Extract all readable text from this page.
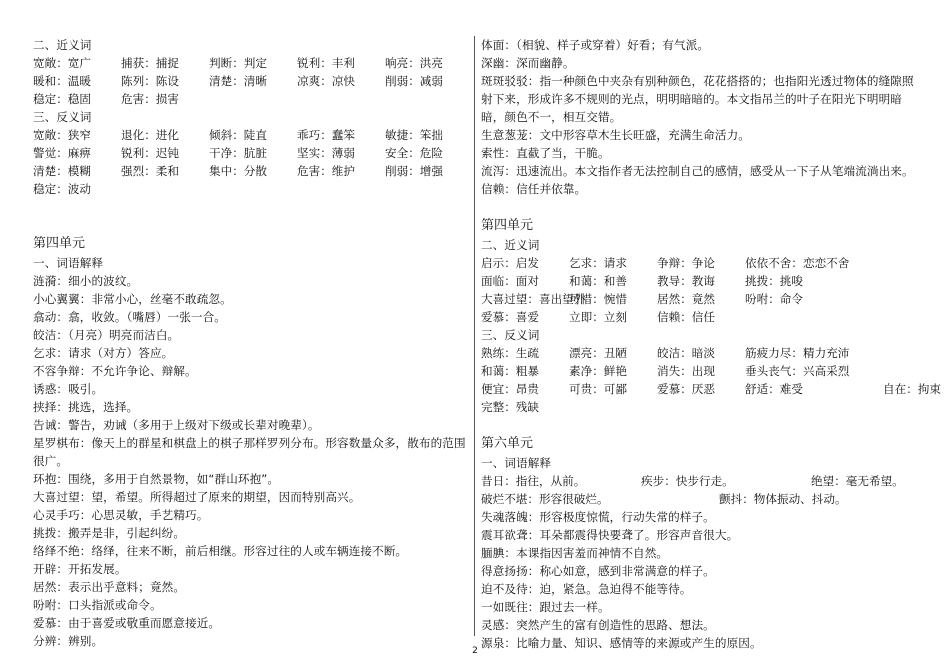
二、近义词
宽敞：宽广	捕获：捕捉	判断：判定	锐利：丰利	响亮：洪亮
暖和：温暖	陈列：陈设	清楚：清晰	凉爽：凉快	削弱：减弱
稳定：稳固	危害：损害
三、反义词
宽敞：狭窄	退化：进化	倾斜：陡直	乖巧：蠢笨	敏捷：笨拙
警觉：麻痹	锐利：迟钝	干净：肮脏	坚实：薄弱	安全：危险
清楚：模糊	强烈：柔和	集中：分散	危害：维护	削弱：增强
稳定：波动
第四单元
一、词语解释
涟漪：细小的波纹。
小心翼翼：非常小心，丝毫不敢疏忽。
翕动：翕，收敛。（嘴唇）一张一合。
皎洁：（月亮）明亮而洁白。
乞求：请求（对方）答应。
不容争辩：不允许争论、辩解。
诱惑：吸引。
挟择：挑选，选择。
告诫：警告，劝诫（多用于上级对下级或长辈对晚辈）。
星罗棋布：像天上的群星和棋盘上的棋子那样罗列分布。形容数量众多，散布的范围很广。
环抱：围绕，多用于自然景物，如“群山环抱”。
大喜过望：望，希望。所得超过了原来的期望，因而特别高兴。
心灵手巧：心思灵敏，手艺精巧。
挑拨：搬弄是非，引起纠纷。
络绎不绝：络绎，往来不断，前后相继。形容过往的人或车辆连接不断。
开辟：开拓发展。
居然：表示出乎意料；竟然。
吩咐：口头指派或命令。
爱慕：由于喜爱或敬重而愿意接近。
分辨：辨别。
体面：（相貌、样子或穿着）好看；有气派。
深幽：深而幽静。
斑斑驳驳：指一种颜色中夹杂有别种颜色，花花搭搭的；也指阳光透过物体的缝隙照射下来，形成许多不规则的光点，明明暗暗的。本文指吊兰的叶子在阳光下明明暗暗，颜色不一，相互交错。
生意葱茏：文中形容草木生长旺盛，充满生命活力。
索性：直截了当，干脆。
流泻：迅速流出。本文指作者无法控制自己的感情，感受从一下子从笔端流淌出来。
信赖：信任并依靠。
第四单元
二、近义词
启示：启发	乞求：请求	争辩：争论	依依不舍：恋恋不舍
面临：面对	和蔼：和善	教导：教诲	挑拨：挑唆
大喜过望：喜出望外
可惜：惋惜	居然：竟然	吩咐：命令
爱慕：喜爱	立即：立刻	信赖：信任
三、反义词
熟练：生疏	漂亮：丑陋	皎洁：暗淡	筋疲力尽：精力充沛
和蔼：粗暴	素净：鲜艳	消失：出现	垂头丧气：兴高采烈
便宜：昂贵	可贵：可鄙	爱慕：厌恶	舒适：难受	自在：拘束
完整：残缺
第六单元
一、词语解释
昔日：指往，从前。	疾步：快步行走。	绝望：毫无希望。
破烂不堪：形容很破烂。	颤抖：物体振动、抖动。
失魂落魄：形容极度惊慌，行动失常的样子。
震耳欲聋：耳朵都震得快要聋了。形容声音很大。
腼腆：本课指因害羞而神情不自然。
得意扬扬：称心如意，感到非常满意的样子。
迫不及待：迫，紧急。急迫得不能等待。
一如既往：跟过去一样。
灵感：突然产生的富有创造性的思路、想法。
源泉：比喻力量、知识、感情等的来源或产生的原因。
2
